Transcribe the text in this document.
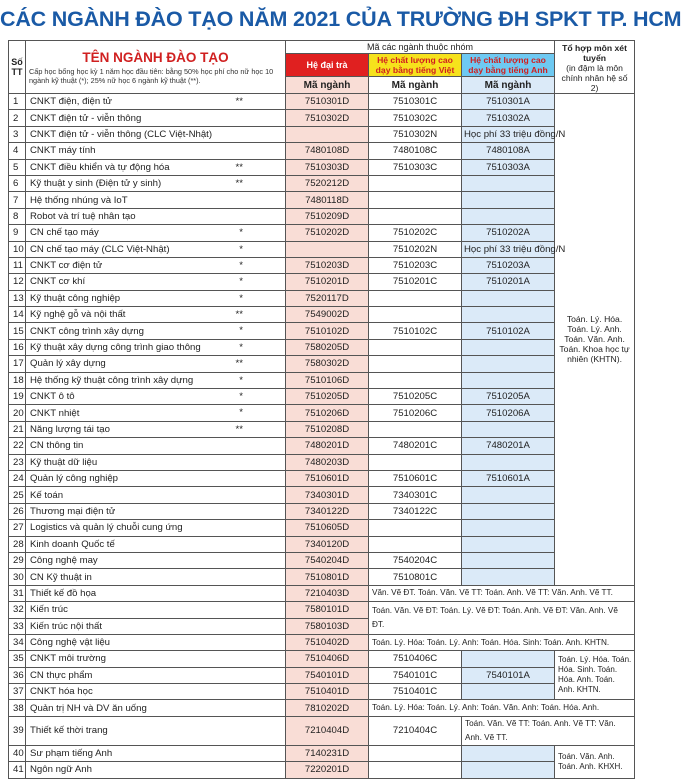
CÁC NGÀNH ĐÀO TẠO NĂM 2021 CỦA TRƯỜNG ĐH SPKT TP. HCM
Số TT	TÊN NGÀNH ĐÀO TẠO
Cấp học bổng học kỳ 1 năm học đầu tiên: bằng 50% học phí cho nữ học 10 ngành kỹ thuật (*); 25% nữ học 6 ngành kỹ thuật (**).	Mã các ngành thuộc nhóm			Tổ hợp môn xét tuyển
(in đậm là môn chính nhân hệ số 2)
		Hệ đại trà	Hệ chất lượng cao dạy bằng tiếng Việt	Hệ chất lượng cao dạy bằng tiếng Anh	
		Mã ngành	Mã ngành	Mã ngành	
1	CNKT điện, điện tử **	7510301D	7510301C	7510301A	Toán. Lý. Hóa.
Toán. Lý. Anh.
Toán. Văn. Anh.
Toán. Khoa học tự nhiên (KHTN).
2	CNKT điện tử - viễn thông	7510302D	7510302C	7510302A	
3	CNKT điện tử - viễn thông (CLC Việt-Nhật)		7510302N	Học phí 33 triệu đồng/N	
4	CNKT máy tính	7480108D	7480108C	7480108A	
5	CNKT điều khiển và tự động hóa **	7510303D	7510303C	7510303A	
6	Kỹ thuật y sinh (Điện tử y sinh) **	7520212D			
7	Hệ thống nhúng và IoT	7480118D			
8	Robot và trí tuệ nhân tạo	7510209D			
9	CN chế tạo máy *	7510202D	7510202C	7510202A	
10	CN chế tạo máy (CLC Việt-Nhật) *		7510202N	Học phí 33 triệu đồng/N	
11	CNKT cơ điện tử *	7510203D	7510203C	7510203A	
12	CNKT cơ khí *	7510201D	7510201C	7510201A	
13	Kỹ thuật công nghiệp *	7520117D			
14	Kỹ nghệ gỗ và nội thất **	7549002D			
15	CNKT công trình xây dựng *	7510102D	7510102C	7510102A	
16	Kỹ thuật xây dựng công trình giao thông *	7580205D			
17	Quản lý xây dựng **	7580302D			
18	Hệ thống kỹ thuật công trình xây dựng *	7510106D			
19	CNKT ô tô *	7510205D	7510205C	7510205A	
20	CNKT nhiệt *	7510206D	7510206C	7510206A	
21	Năng lượng tái tạo **	7510208D			
22	CN thông tin	7480201D	7480201C	7480201A	
23	Kỹ thuật dữ liệu	7480203D			
24	Quản lý công nghiệp	7510601D	7510601C	7510601A	
25	Kế toán	7340301D	7340301C		
26	Thương mại điện tử	7340122D	7340122C		
27	Logistics và quản lý chuỗi cung ứng	7510605D			
28	Kinh doanh Quốc tế	7340120D			
29	Công nghệ may	7540204D	7540204C		
30	CN Kỹ thuật in	7510801D	7510801C		
31	Thiết kế đồ họa	7210403D	Văn. Vẽ ĐT. Toán. Văn. Vẽ TT: Toán. Anh. Vẽ TT: Văn. Anh. Vẽ TT.		
32	Kiến trúc	7580101D	Toán. Văn. Vẽ ĐT: Toán. Lý. Vẽ ĐT: Toán. Anh. Vẽ ĐT: Văn. Anh. Vẽ ĐT.		
33	Kiến trúc nội thất	7580103D			
34	Công nghệ vật liệu	7510402D	Toán. Lý. Hóa: Toán. Lý. Anh: Toán. Hóa. Sinh: Toán. Anh. KHTN.		
35	CNKT môi trường	7510406D	7510406C		Toán. Lý. Hóa. Toán. Hóa. Sinh. Toán. Hóa. Anh. Toán. Anh. KHTN.
36	CN thực phẩm	7540101D	7540101C	7540101A	
37	CNKT hóa học	7510401D	7510401C		
38	Quản trị NH và DV ăn uống	7810202D	Toán. Lý. Hóa: Toán. Lý. Anh: Toán. Văn. Anh: Toán. Hóa. Anh.		
39	Thiết kế thời trang	7210404D	7210404C	Toán. Văn. Vẽ TT: Toán. Anh. Vẽ TT: Văn. Anh. Vẽ TT.	
40	Sư phạm tiếng Anh	7140231D			Toán. Văn. Anh. Toán. Anh. KHXH.
41	Ngôn ngữ Anh	7220201D			
